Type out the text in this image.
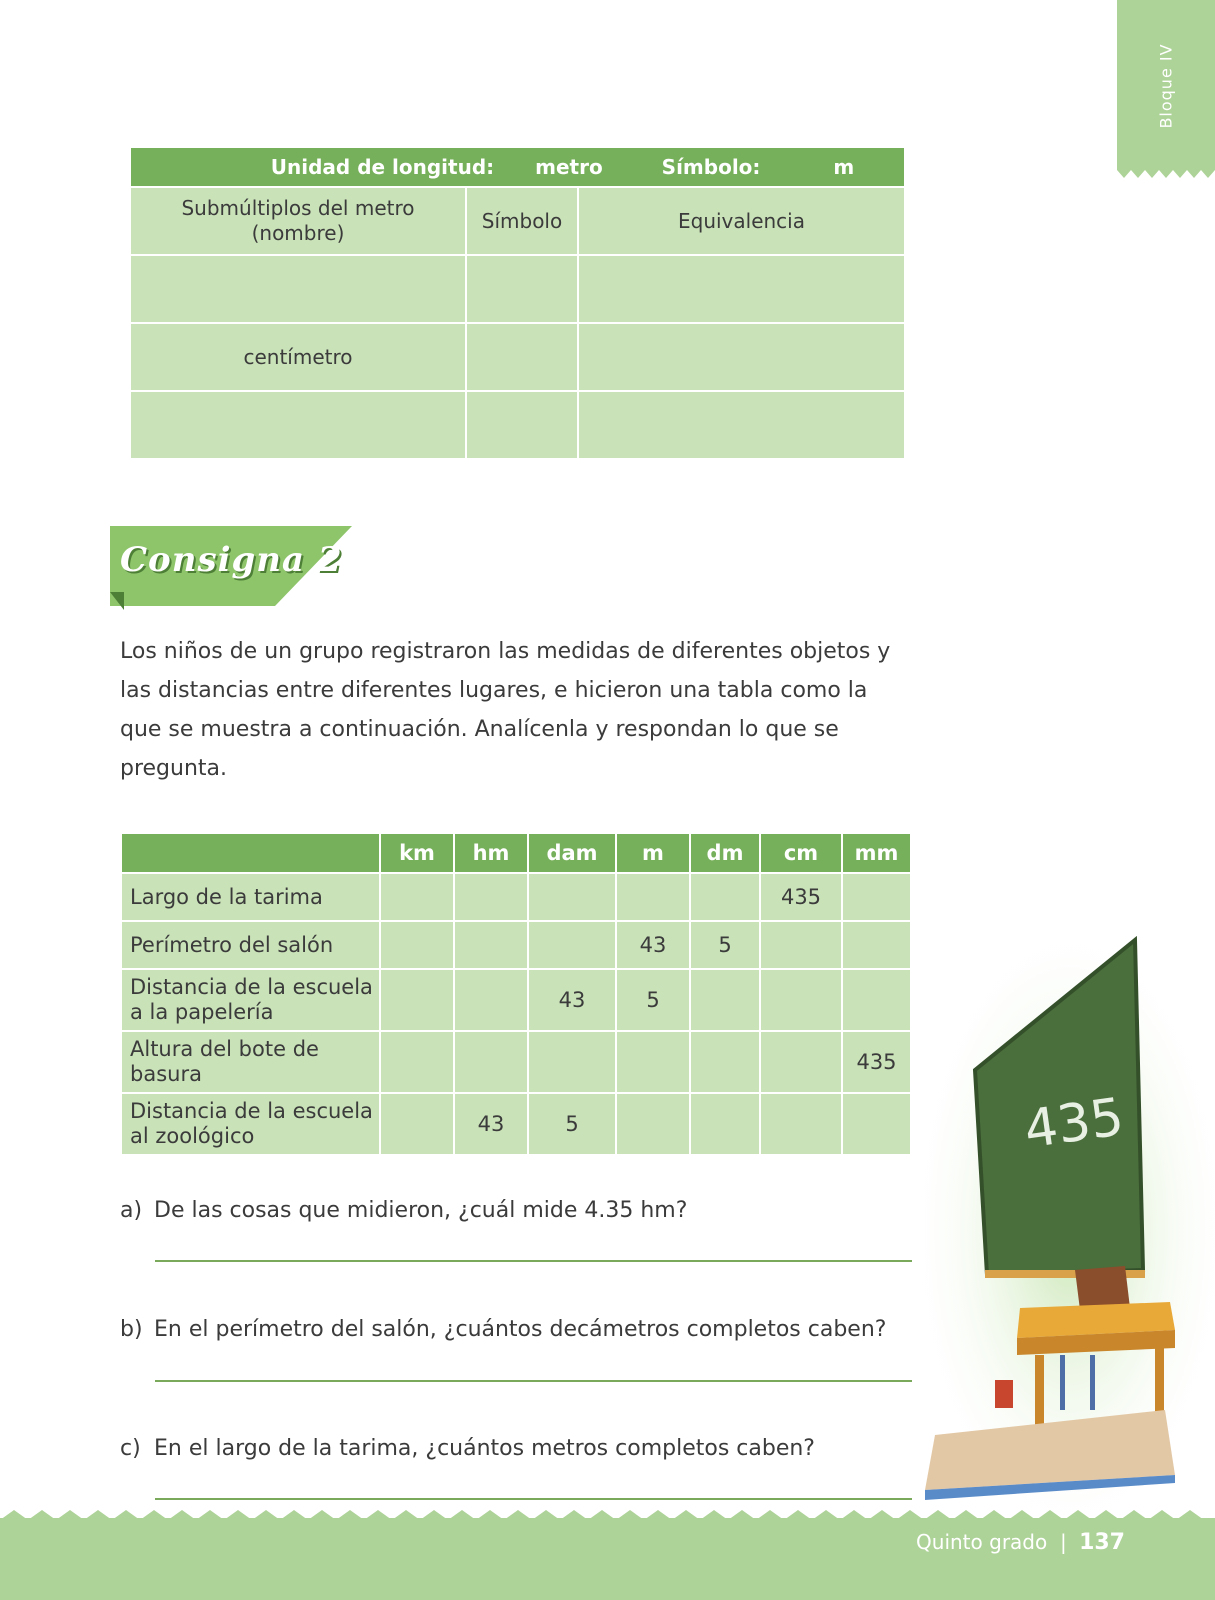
Bloque IV
Unidad de longitud: metro Símbolo: m		
Submúltiplos del metro (nombre)	Símbolo	Equivalencia

centímetro		

Consigna 2

Los niños de un grupo registraron las medidas de diferentes objetos y las distancias entre diferentes lugares, e hicieron una tabla como la que se muestra a continuación. Analícenla y respondan lo que se pregunta.

	km	hm	dam	m	dm	cm	mm
Largo de la tarima						435	
Perímetro del salón				43	5		
Distancia de la escuela a la papelería			43	5			
Altura del bote de basura							435
Distancia de la escuela al zoológico		43	5				
a) De las cosas que midieron, ¿cuál mide 4.35 hm?
b) En el perímetro del salón, ¿cuántos decámetros completos caben?
c) En el largo de la tarima, ¿cuántos metros completos caben?
435
Quinto grado  | 137
